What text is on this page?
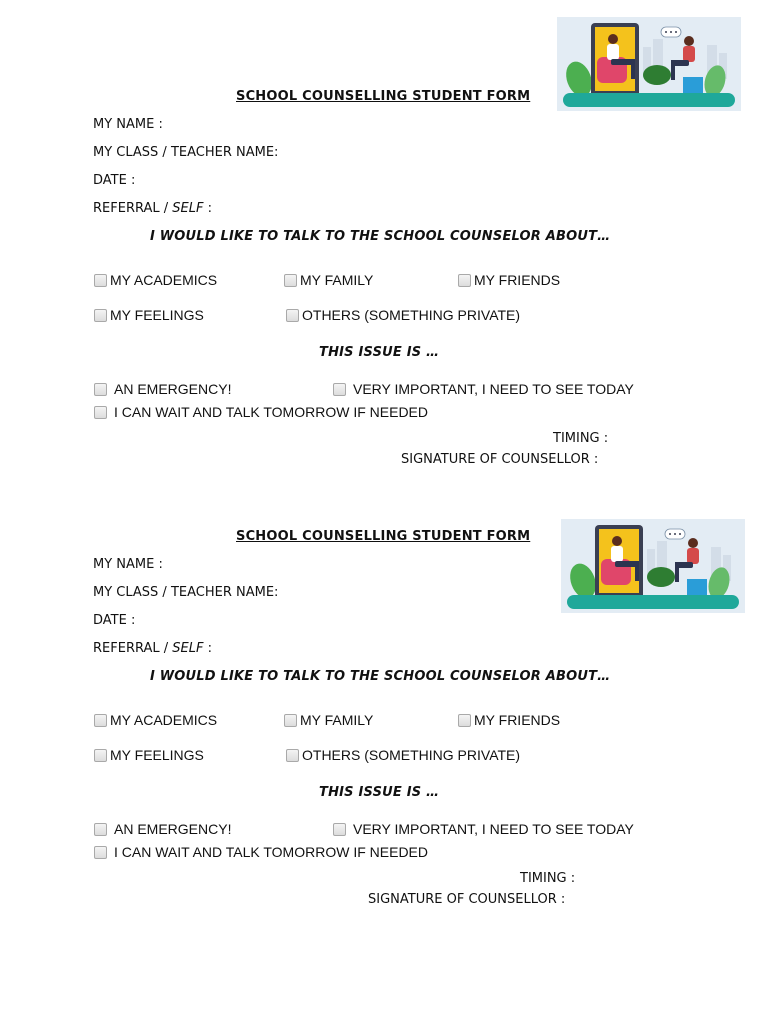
SCHOOL COUNSELLING STUDENT FORM
MY NAME :
MY CLASS / TEACHER NAME:
DATE :
REFERRAL / SELF :
I WOULD LIKE TO TALK TO THE SCHOOL COUNSELOR ABOUT…
MY ACADEMICS	MY FAMILY	MY FRIENDS
MY FEELINGS	OTHERS (SOMETHING PRIVATE)
THIS ISSUE IS …
AN EMERGENCY!	VERY IMPORTANT, I NEED TO SEE TODAY
I CAN WAIT AND TALK TOMORROW IF NEEDED
TIMING :
SIGNATURE OF COUNSELLOR :
SCHOOL COUNSELLING STUDENT FORM
MY NAME :
MY CLASS / TEACHER NAME:
DATE :
REFERRAL / SELF :
I WOULD LIKE TO TALK TO THE SCHOOL COUNSELOR ABOUT…
MY ACADEMICS	MY FAMILY	MY FRIENDS
MY FEELINGS	OTHERS (SOMETHING PRIVATE)
THIS ISSUE IS …
AN EMERGENCY!	VERY IMPORTANT, I NEED TO SEE TODAY
I CAN WAIT AND TALK TOMORROW IF NEEDED
TIMING :
SIGNATURE OF COUNSELLOR :
